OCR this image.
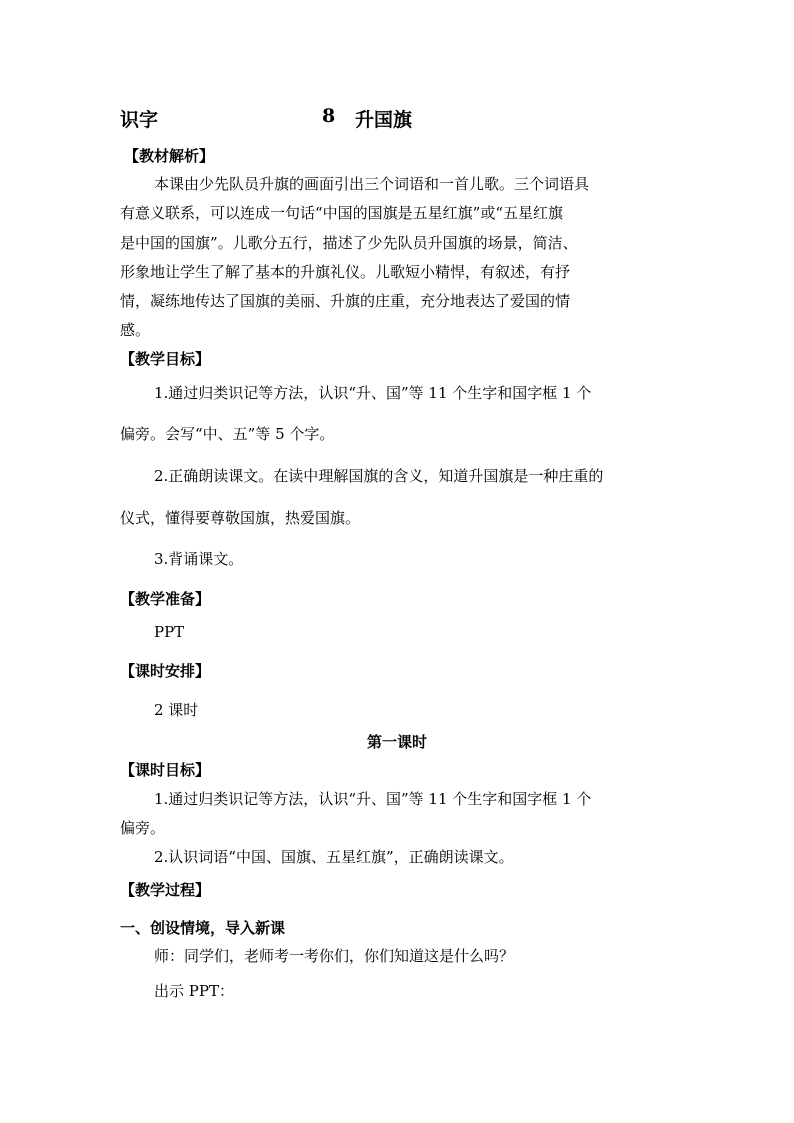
识字	8 升国旗
【教材解析】
本课由少先队员升旗的画面引出三个词语和一首儿歌。三个词语具
有意义联系，可以连成一句话“中国的国旗是五星红旗”或“五星红旗
是中国的国旗”。儿歌分五行，描述了少先队员升国旗的场景，简洁、
形象地让学生了解了基本的升旗礼仪。儿歌短小精悍，有叙述，有抒
情，凝练地传达了国旗的美丽、升旗的庄重，充分地表达了爱国的情
感。
【教学目标】
1.通过归类识记等方法，认识“升、国”等 11 个生字和国字框 1 个
偏旁。会写“中、五”等 5 个字。
2.正确朗读课文。在读中理解国旗的含义，知道升国旗是一种庄重的
仪式，懂得要尊敬国旗，热爱国旗。
3.背诵课文。
【教学准备】
PPT
【课时安排】
2 课时
第一课时
【课时目标】
1.通过归类识记等方法，认识“升、国”等 11 个生字和国字框 1 个
偏旁。
2.认识词语“中国、国旗、五星红旗”，正确朗读课文。
【教学过程】
一、创设情境，导入新课
师：同学们，老师考一考你们，你们知道这是什么吗？
出示 PPT：
